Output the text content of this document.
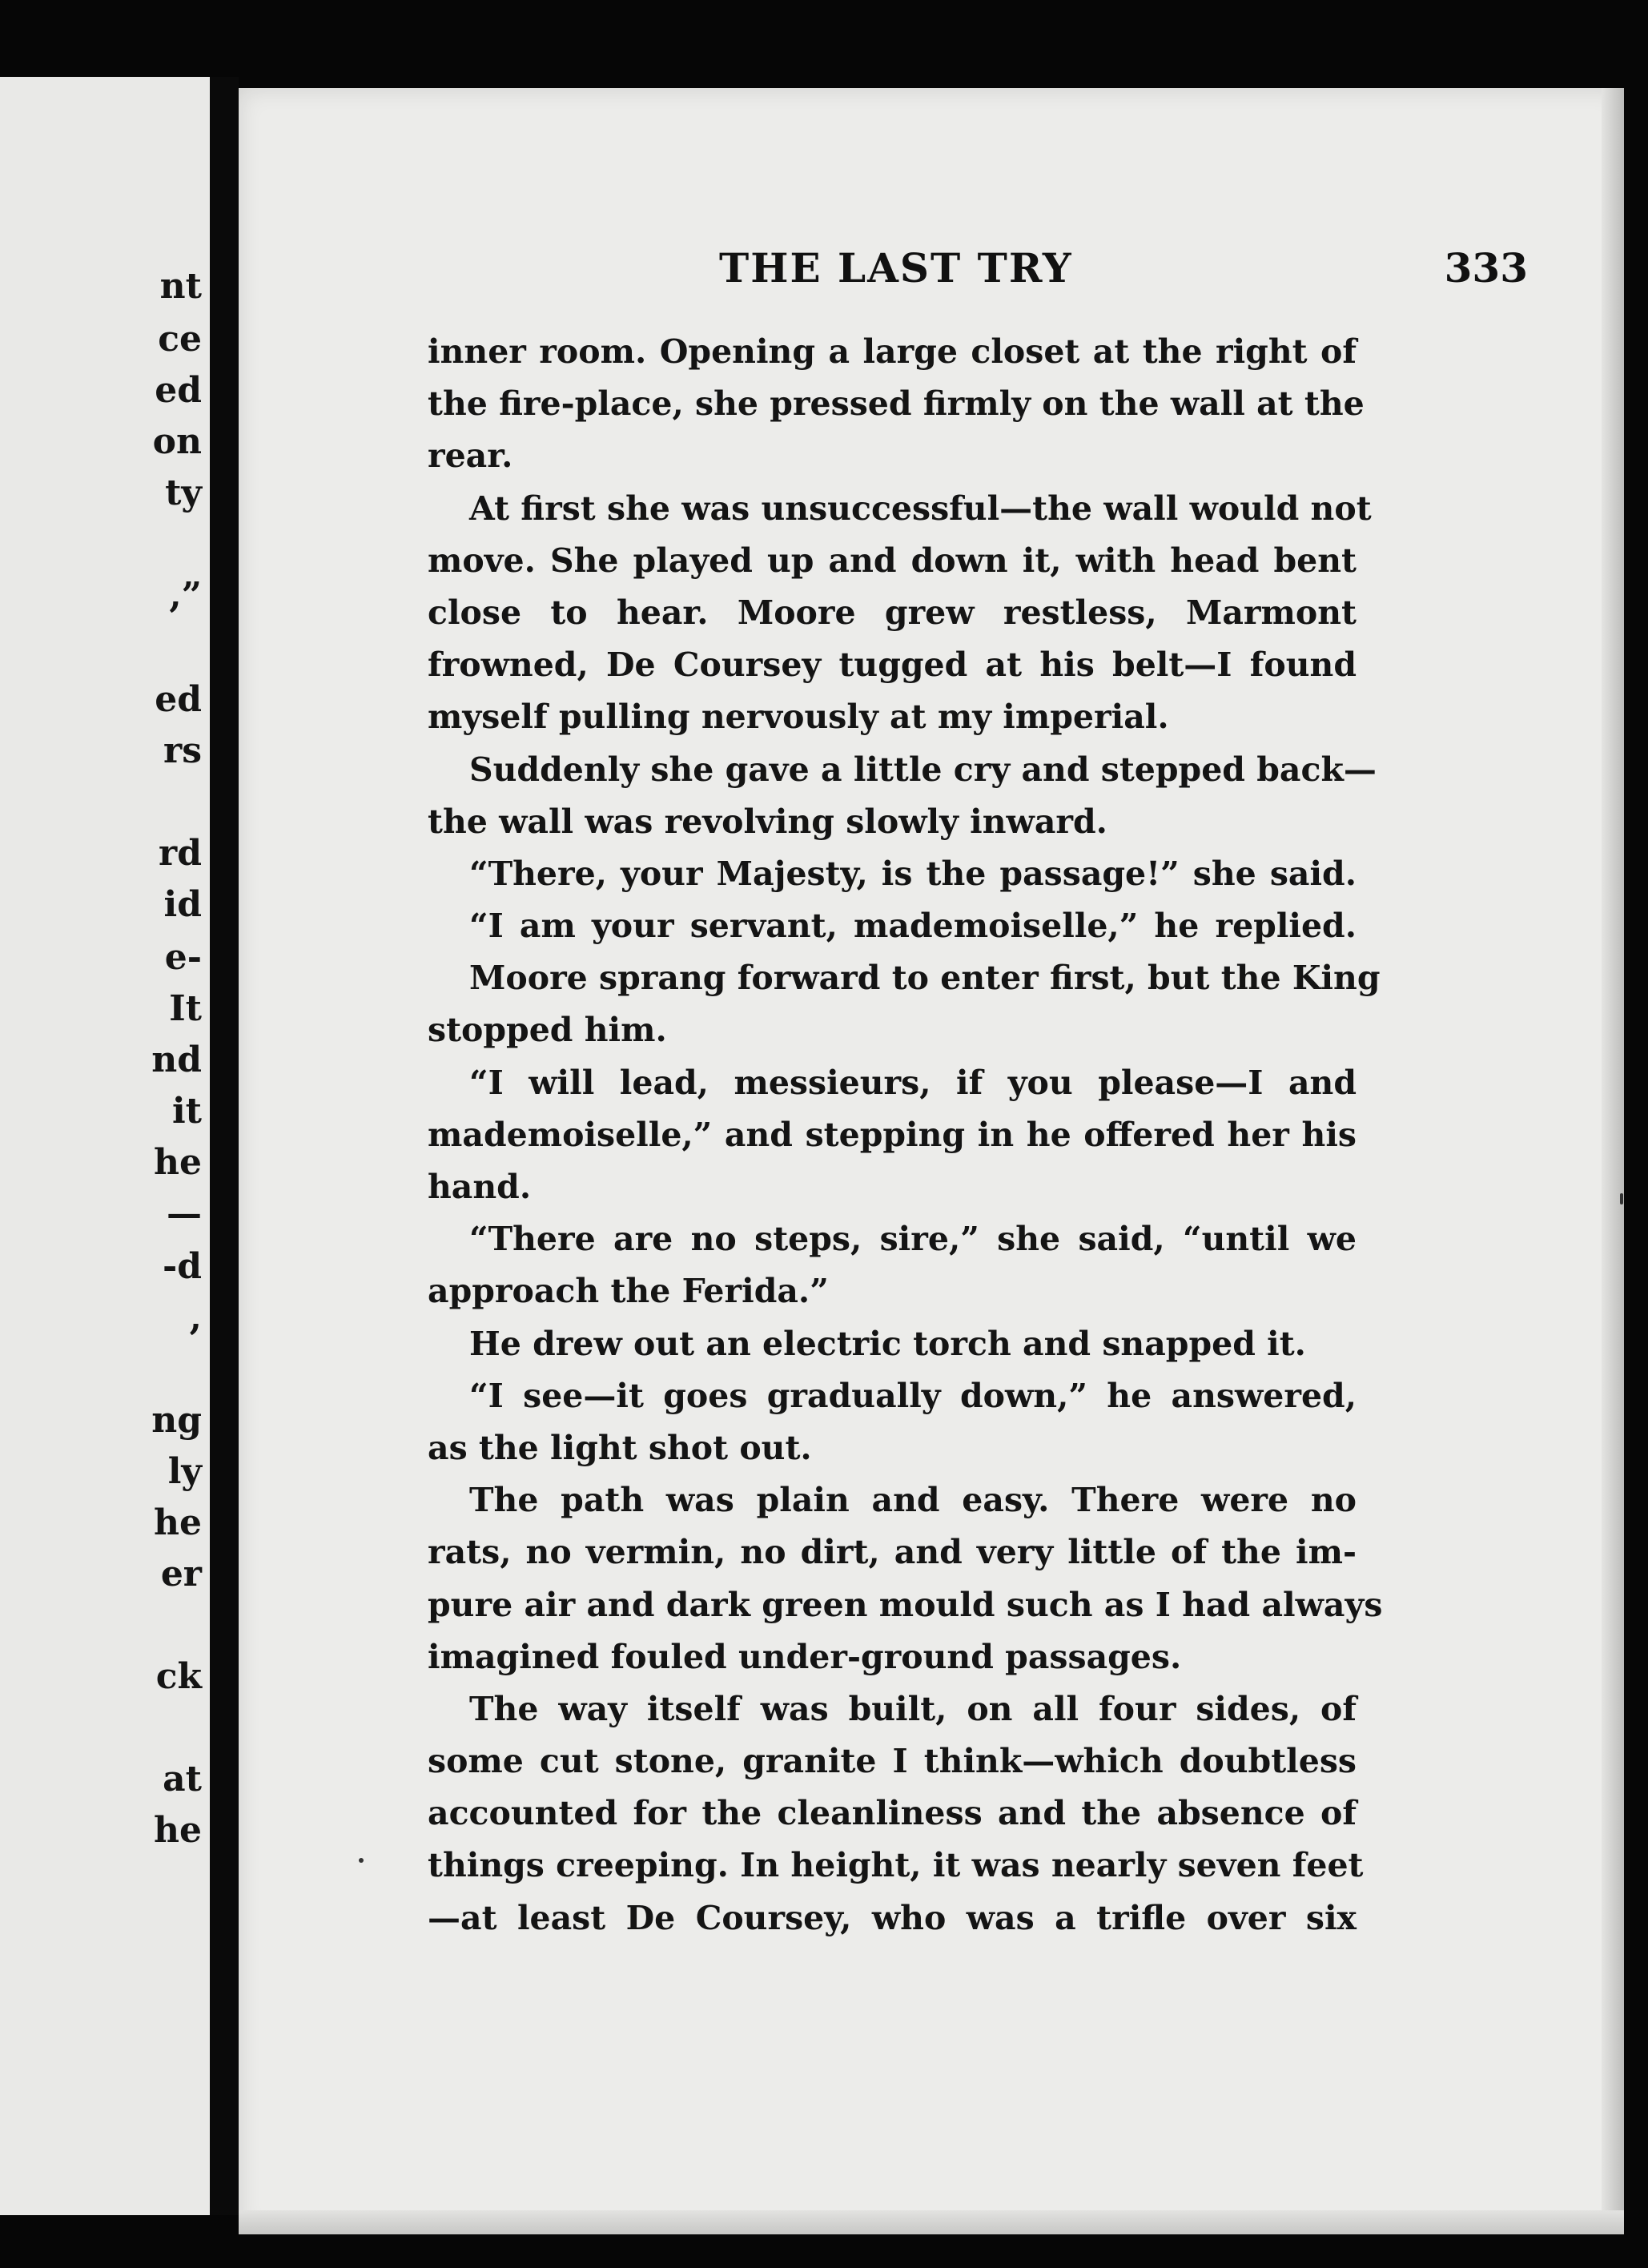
nt
ce
ed
on
ty
,”
ed
rs
rd
id
e-
It
nd
it
he
—
-d
,
ng
ly
he
er
ck
at
he
THE LAST TRY	333
inner room. Opening a large closet at the right of
the fire-place, she pressed firmly on the wall at the
rear.
At first she was unsuccessful—the wall would not
move. She played up and down it, with head bent
close to hear. Moore grew restless, Marmont
frowned, De Coursey tugged at his belt—I found
myself pulling nervously at my imperial.
Suddenly she gave a little cry and stepped back—
the wall was revolving slowly inward.
“There, your Majesty, is the passage!” she said.
“I am your servant, mademoiselle,” he replied.
Moore sprang forward to enter first, but the King
stopped him.
“I will lead, messieurs, if you please—I and
mademoiselle,” and stepping in he offered her his
hand.
“There are no steps, sire,” she said, “until we
approach the Ferida.”
He drew out an electric torch and snapped it.
“I see—it goes gradually down,” he answered,
as the light shot out.
The path was plain and easy. There were no
rats, no vermin, no dirt, and very little of the im-
pure air and dark green mould such as I had always
imagined fouled under-ground passages.
The way itself was built, on all four sides, of
some cut stone, granite I think—which doubtless
accounted for the cleanliness and the absence of
things creeping. In height, it was nearly seven feet
—at least De Coursey, who was a trifle over six
